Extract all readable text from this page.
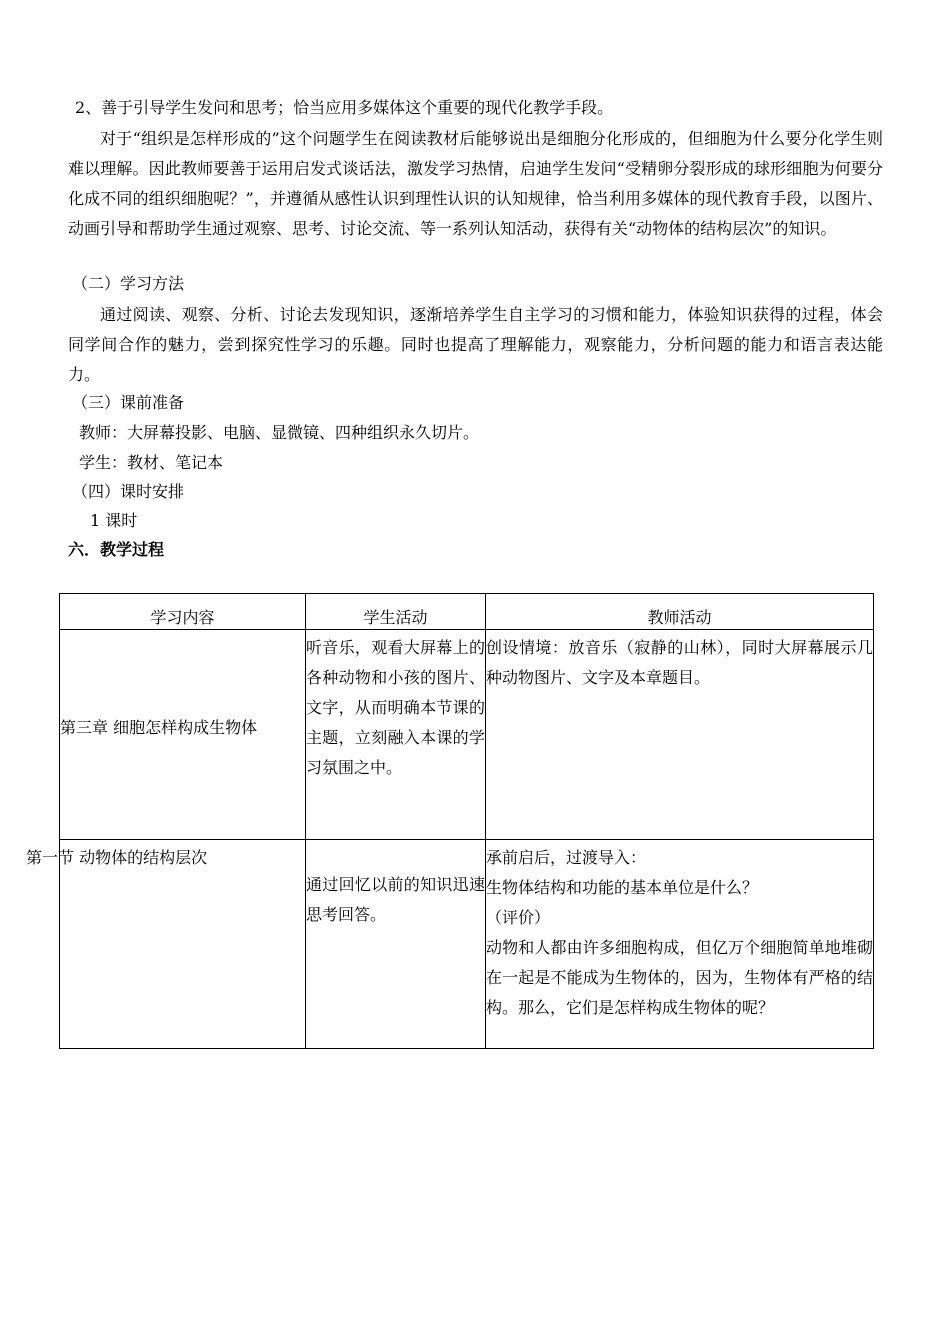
2、善于引导学生发问和思考；恰当应用多媒体这个重要的现代化教学手段。
对于“组织是怎样形成的”这个问题学生在阅读教材后能够说出是细胞分化形成的，但细胞为什么要分化学生则难以理解。因此教师要善于运用启发式谈话法，激发学习热情，启迪学生发问“受精卵分裂形成的球形细胞为何要分化成不同的组织细胞呢？”，并遵循从感性认识到理性认识的认知规律，恰当利用多媒体的现代教育手段，以图片、动画引导和帮助学生通过观察、思考、讨论交流、等一系列认知活动，获得有关“动物体的结构层次”的知识。
（二）学习方法
通过阅读、观察、分析、讨论去发现知识，逐渐培养学生自主学习的习惯和能力，体验知识获得的过程，体会同学间合作的魅力，尝到探究性学习的乐趣。同时也提高了理解能力，观察能力，分析问题的能力和语言表达能力。
（三）课前准备
教师：大屏幕投影、电脑、显微镜、四种组织永久切片。
学生：教材、笔记本
（四）课时安排
1 课时
六．教学过程
学习内容	学生活动	教师活动

第三章 细胞怎样构成生物体	听音乐，观看大屏幕上的各种动物和小孩的图片、文字，从而明确本节课的主题，立刻融入本课的学习氛围之中。	创设情境：放音乐（寂静的山林），同时大屏幕展示几种动物图片、文字及本章题目。

第一节 动物体的结构层次	通过回忆以前的知识迅速思考回答。	承前启后，过渡导入：
生物体结构和功能的基本单位是什么？
（评价）
动物和人都由许多细胞构成，但亿万个细胞简单地堆砌在一起是不能成为生物体的，因为，生物体有严格的结构。那么，它们是怎样构成生物体的呢？
